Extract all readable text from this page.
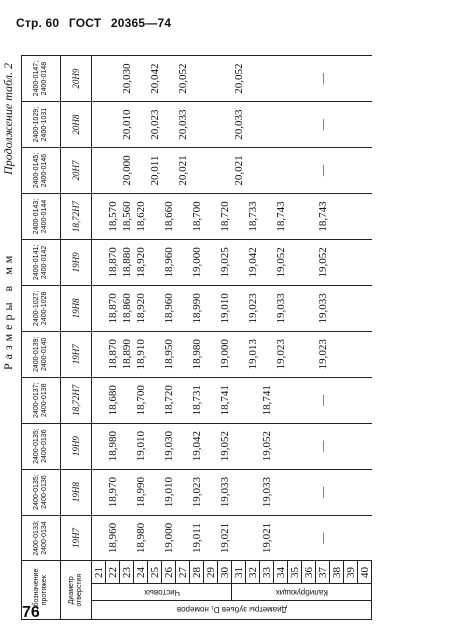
Стр. 60 ГОСТ 20365—74
Размеры в мм
Продолжение табл. 2
Обозначение протяжек			2400-0133; 2400-0134	2400-0135; 2400-0136	2400-0135; 2400-0136	2400-0137; 2400-0138	2400-0139; 2400-0140	2400-1027; 2400-1028	2400-0141; 2400-0142	2400-0143; 2400-0144	2400-0145; 2400-0146	2400-1029; 2400-1031	2400-0147; 2400-0148
Диаметр отверстия			19H7	19H8	19H9	18,72H7	19H7	19H8	19H9	18,72H7	20H7	20H8	20H9
Диаметры зубьев D₁ номеров	Чистовых	21											
		22	18,960	18,970	18,980	18,680	18,870	18,870	18,870	18,570			
		23					18,890	18,860	18,880	18,560	20,000	20,010	20,030
		24	18,980	18,990	19,010	18,700	18,910	18,920	18,920	18,620			
		25									20,011	20,023	20,042
		26	19,000	19,010	19,030	18,720	18,950	18,960	18,960	18,660			
		27									20,021	20,033	20,052
		28	19,011	19,023	19,042	18,731	18,980	18,990	19,000	18,700			
		29											
		30	19,021	19,033	19,052	18,741	19,000	19,010	19,025	18,720			
	Калибрующих	31									20,021	20,033	20,052
		32					19,013	19,023	19,042	18,733			
		33	19,021	19,033	19,052	18,741							
		34					19,023	19,033	19,052	18,743			
		35											
		36											
		37	—	—	—	—	19,023	19,033	19,052	18,743	—	—	—
		38											
		39											
		40											
76
